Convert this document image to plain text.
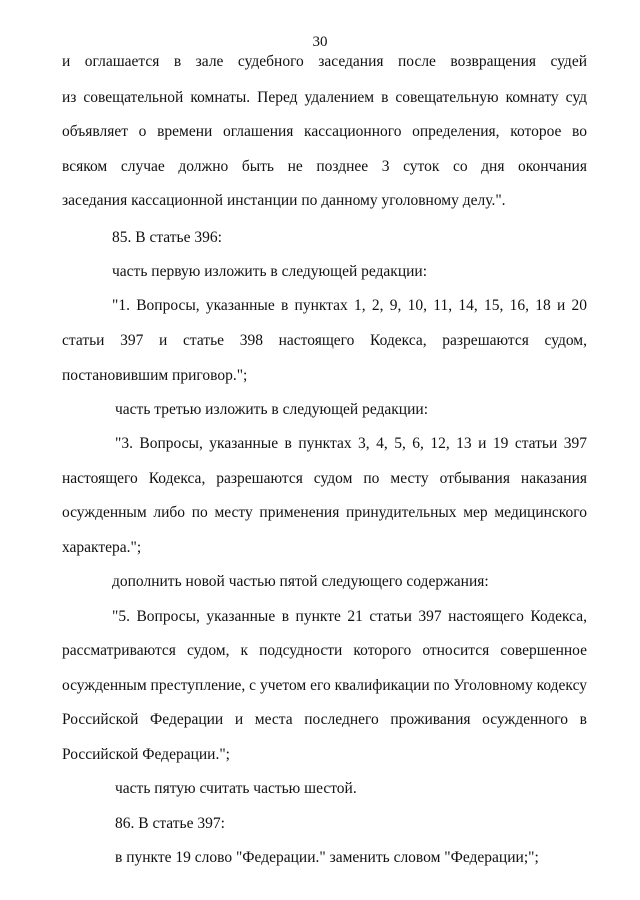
30
и оглашается в зале судебного заседания после возвращения судей
из совещательной комнаты. Перед удалением в совещательную комнату суд
объявляет о времени оглашения кассационного определения, которое во
всяком случае должно быть не позднее 3 суток со дня окончания
заседания кассационной инстанции по данному уголовному делу.".
85. В статье 396:
часть первую изложить в следующей редакции:
"1. Вопросы, указанные в пунктах 1, 2, 9, 10, 11, 14, 15, 16, 18 и 20
статьи 397 и статье 398 настоящего Кодекса, разрешаются судом,
постановившим приговор.";
часть третью изложить в следующей редакции:
"3. Вопросы, указанные в пунктах 3, 4, 5, 6, 12, 13 и 19 статьи 397
настоящего Кодекса, разрешаются судом по месту отбывания наказания
осужденным либо по месту применения принудительных мер медицинского
характера.";
дополнить новой частью пятой следующего содержания:
"5. Вопросы, указанные в пункте 21 статьи 397 настоящего Кодекса,
рассматриваются судом, к подсудности которого относится совершенное
осужденным преступление, с учетом его квалификации по Уголовному кодексу
Российской Федерации и места последнего проживания осужденного в
Российской Федерации.";
часть пятую считать частью шестой.
86. В статье 397:
в пункте 19 слово "Федерации." заменить словом "Федерации;";
